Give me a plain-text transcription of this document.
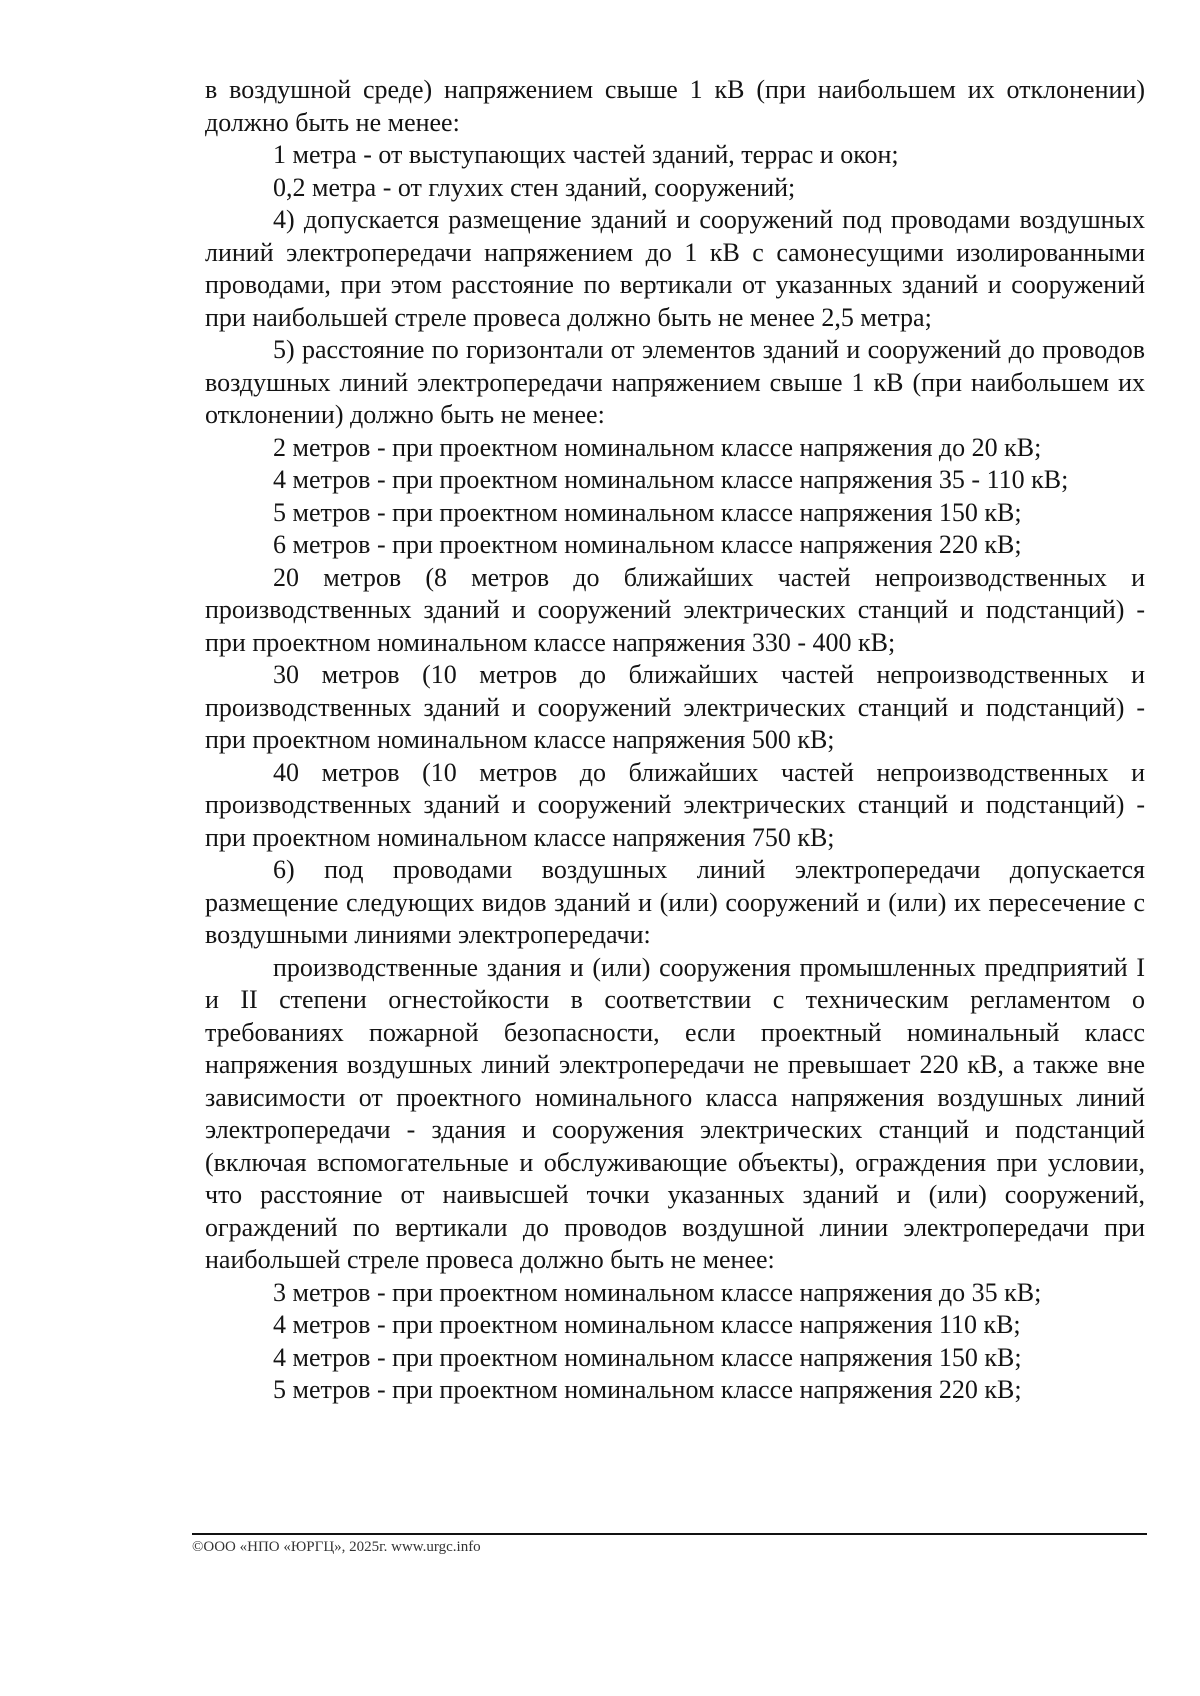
в воздушной среде) напряжением свыше 1 кВ (при наибольшем их отклонении) должно быть не менее:

1 метра - от выступающих частей зданий, террас и окон;

0,2 метра - от глухих стен зданий, сооружений;

4) допускается размещение зданий и сооружений под проводами воздушных линий электропередачи напряжением до 1 кВ с самонесущими изолированными проводами, при этом расстояние по вертикали от указанных зданий и сооружений при наибольшей стреле провеса должно быть не менее 2,5 метра;

5) расстояние по горизонтали от элементов зданий и сооружений до проводов воздушных линий электропередачи напряжением свыше 1 кВ (при наибольшем их отклонении) должно быть не менее:

2 метров - при проектном номинальном классе напряжения до 20 кВ;

4 метров - при проектном номинальном классе напряжения 35 - 110 кВ;

5 метров - при проектном номинальном классе напряжения 150 кВ;

6 метров - при проектном номинальном классе напряжения 220 кВ;

20 метров (8 метров до ближайших частей непроизводственных и производственных зданий и сооружений электрических станций и подстанций) - при проектном номинальном классе напряжения 330 - 400 кВ;

30 метров (10 метров до ближайших частей непроизводственных и производственных зданий и сооружений электрических станций и подстанций) - при проектном номинальном классе напряжения 500 кВ;

40 метров (10 метров до ближайших частей непроизводственных и производственных зданий и сооружений электрических станций и подстанций) - при проектном номинальном классе напряжения 750 кВ;

6) под проводами воздушных линий электропередачи допускается размещение следующих видов зданий и (или) сооружений и (или) их пересечение с воздушными линиями электропередачи:

производственные здания и (или) сооружения промышленных предприятий I и II степени огнестойкости в соответствии с техническим регламентом о требованиях пожарной безопасности, если проектный номинальный класс напряжения воздушных линий электропередачи не превышает 220 кВ, а также вне зависимости от проектного номинального класса напряжения воздушных линий электропередачи - здания и сооружения электрических станций и подстанций (включая вспомогательные и обслуживающие объекты), ограждения при условии, что расстояние от наивысшей точки указанных зданий и (или) сооружений, ограждений по вертикали до проводов воздушной линии электропередачи при наибольшей стреле провеса должно быть не менее:

3 метров - при проектном номинальном классе напряжения до 35 кВ;

4 метров - при проектном номинальном классе напряжения 110 кВ;

4 метров - при проектном номинальном классе напряжения 150 кВ;

5 метров - при проектном номинальном классе напряжения 220 кВ;

©ООО «НПО «ЮРГЦ», 2025г. www.urgc.info
